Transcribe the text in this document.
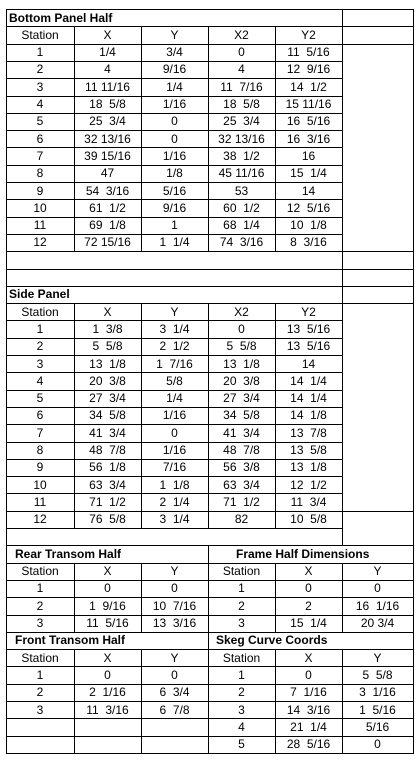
Bottom Panel Half
Station	X	Y	X2	Y2
1	1/4	3/4	0	11  5/16
2	4	9/16	4	12  9/16
3	11 11/16	1/4	11  7/16	14  1/2
4	18  5/8	1/16	18  5/8	15 11/16
5	25  3/4	0	25  3/4	16  5/16
6	32 13/16	0	32 13/16	16  3/16
7	39 15/16	1/16	38  1/2	16
8	47	1/8	45 11/16	15  1/4
9	54  3/16	5/16	53	14
10	61  1/2	9/16	60  1/2	12  5/16
11	69  1/8	1	68  1/4	10  1/8
12	72 15/16	1  1/4	74  3/16	8  3/16
Side Panel
Station	X	Y	X2	Y2
1	1  3/8	3  1/4	0	13  5/16
2	5  5/8	2  1/2	5  5/8	13  5/16
3	13  1/8	1  7/16	13  1/8	14
4	20  3/8	5/8	20  3/8	14  1/4
5	27  3/4	1/4	27  3/4	14  1/4
6	34  5/8	1/16	34  5/8	14  1/8
7	41  3/4	0	41  3/4	13  7/8
8	48  7/8	1/16	48  7/8	13  5/8
9	56  1/8	7/16	56  3/8	13  1/8
10	63  3/4	1  1/8	63  3/4	12  1/2
11	71  1/2	2  1/4	71  1/2	11  3/4
12	76  5/8	3  1/4	82	10  5/8
Rear Transom Half
Station	X	Y
1	0	0
2	1  9/16	10  7/16
3	11  5/16	13  3/16
Frame Half Dimensions
Station	X	Y
1	0	0
2	2	16  1/16
3	15  1/4	20 3/4
Front Transom Half
Station	X	Y
1	0	0
2	2  1/16	6  3/4
3	11  3/16	6  7/8
Skeg Curve Coords
Station	X	Y
1	0	5  5/8
2	7  1/16	3  1/16
3	14  3/16	1  5/16
4	21  1/4	5/16
5	28  5/16	0
